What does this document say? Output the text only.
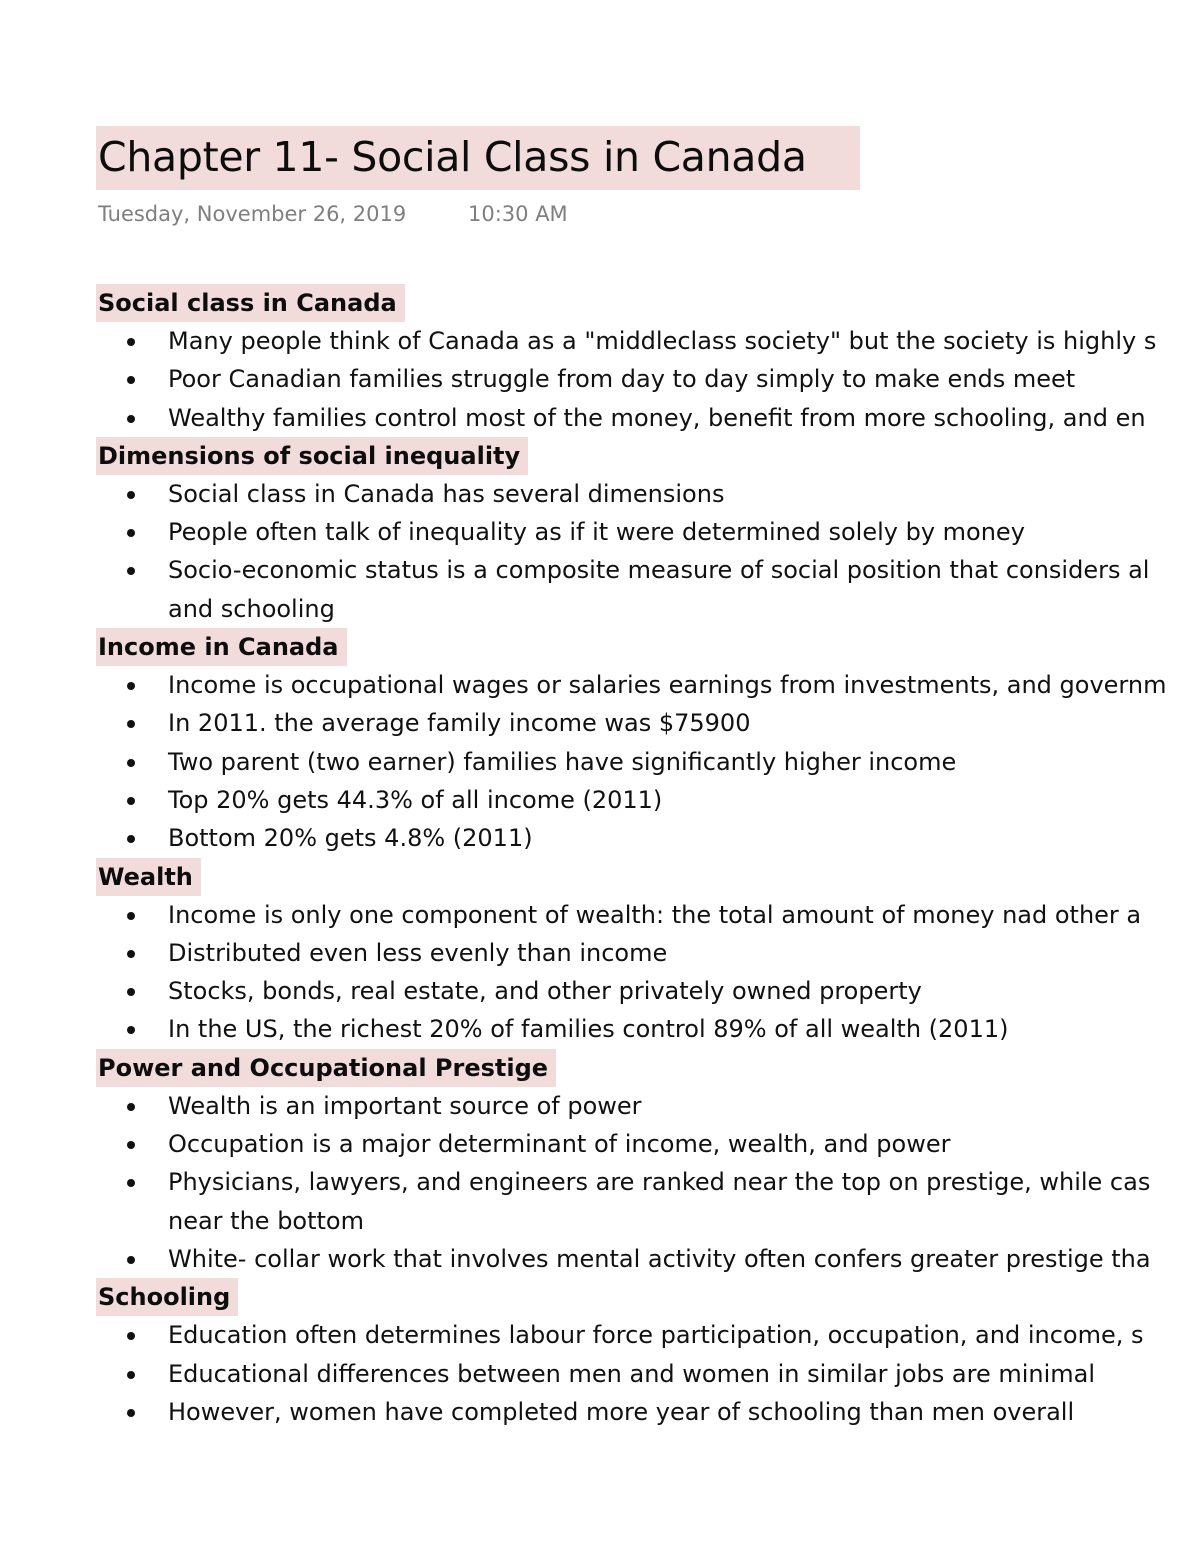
Chapter 11- Social Class in Canada
Tuesday, November 26, 2019	10:30 AM
Social class in Canada
Many people think of Canada as a "middleclass society" but the society is highly s
Poor Canadian families struggle from day to day simply to make ends meet
Wealthy families control most of the money, benefit from more schooling, and en
Dimensions of social inequality
Social class in Canada has several dimensions
People often talk of inequality as if it were determined solely by money
Socio-economic status is a composite measure of social position that considers al
and schooling
Income in Canada
Income is occupational wages or salaries earnings from investments, and governm
In 2011. the average family income was $75900
Two parent (two earner) families have significantly higher income
Top 20% gets 44.3% of all income (2011)
Bottom 20% gets 4.8% (2011)
Wealth
Income is only one component of wealth: the total amount of money nad other a
Distributed even less evenly than income
Stocks, bonds, real estate, and other privately owned property
In the US, the richest 20% of families control 89% of all wealth (2011)
Power and Occupational Prestige
Wealth is an important source of power
Occupation is a major determinant of income, wealth, and power
Physicians, lawyers, and engineers are ranked near the top on prestige, while cas
near the bottom
White- collar work that involves mental activity often confers greater prestige tha
Schooling
Education often determines labour force participation, occupation, and income, s
Educational differences between men and women in similar jobs are minimal
However, women have completed more year of schooling than men overall
